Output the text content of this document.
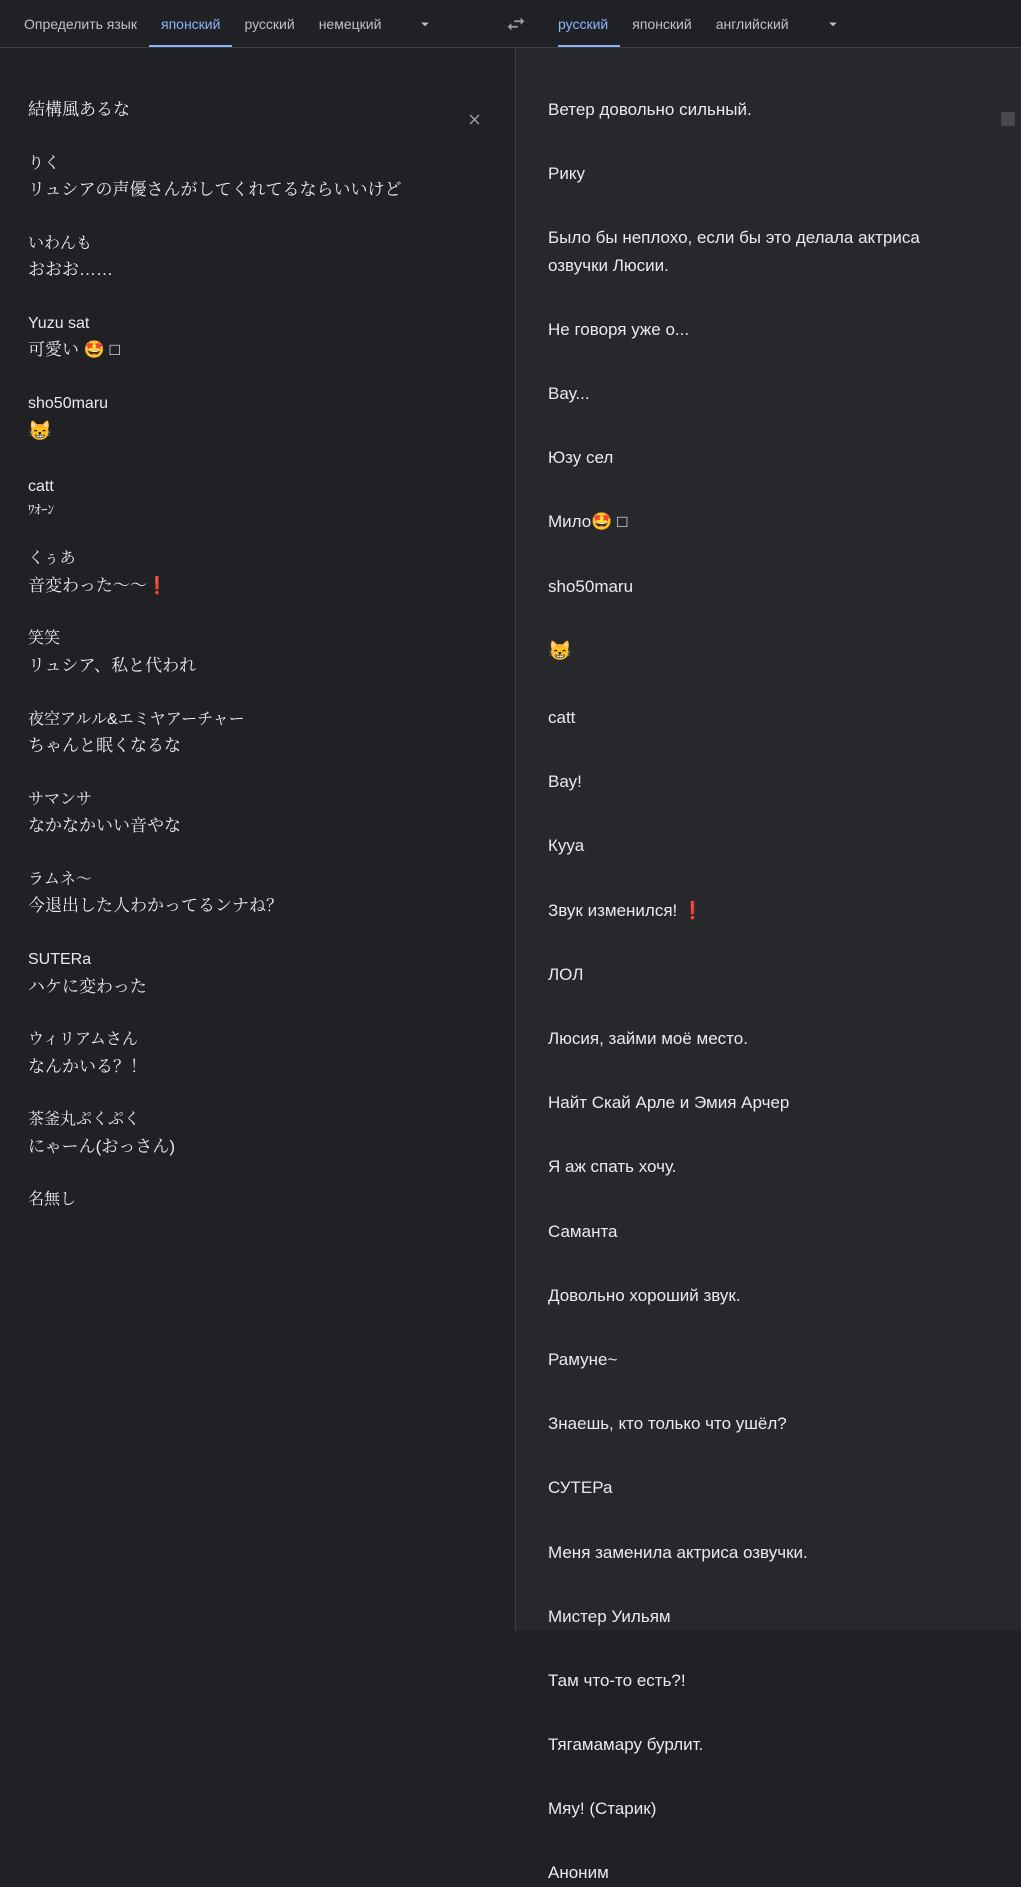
Определить язык	японский	русский	немецкий	русский	японский	английский
結構風あるな
りく
リュシアの声優さんがしてくれてるならいいけど
いわんも
おおお……
Yuzu sat
可愛い 🤩 □
sho50maru
😸
catt
ﾜｵｰﾝ
くぅあ
音変わった〜〜❗
笑笑
リュシア、私と代われ
夜空アルル&エミヤアーチャー
ちゃんと眠くなるな
サマンサ
なかなかいい音やな
ラムネ〜
今退出した人わかってるンナね？
SUTERa
ハケに変わった
ウィリアムさん
なんかいる？！
茶釜丸ぷくぷく
にゃーん(おっさん)
名無し
Ветер довольно сильный.
Рику
Было бы неплохо, если бы это делала актриса озвучки Люсии.
Не говоря уже о...
Вау...
Юзу сел
Мило🤩 □
sho50maru
😸
catt
Вау!
Кууа
Звук изменился! ❗
ЛОЛ
Люсия, займи моё место.
Найт Скай Арле и Эмия Арчер
Я аж спать хочу.
Саманта
Довольно хороший звук.
Рамуне~
Знаешь, кто только что ушёл?
СУТЕРа
Меня заменила актриса озвучки.
Мистер Уильям
Там что-то есть?!
Тягамамару бурлит.
Мяу! (Старик)
Аноним
